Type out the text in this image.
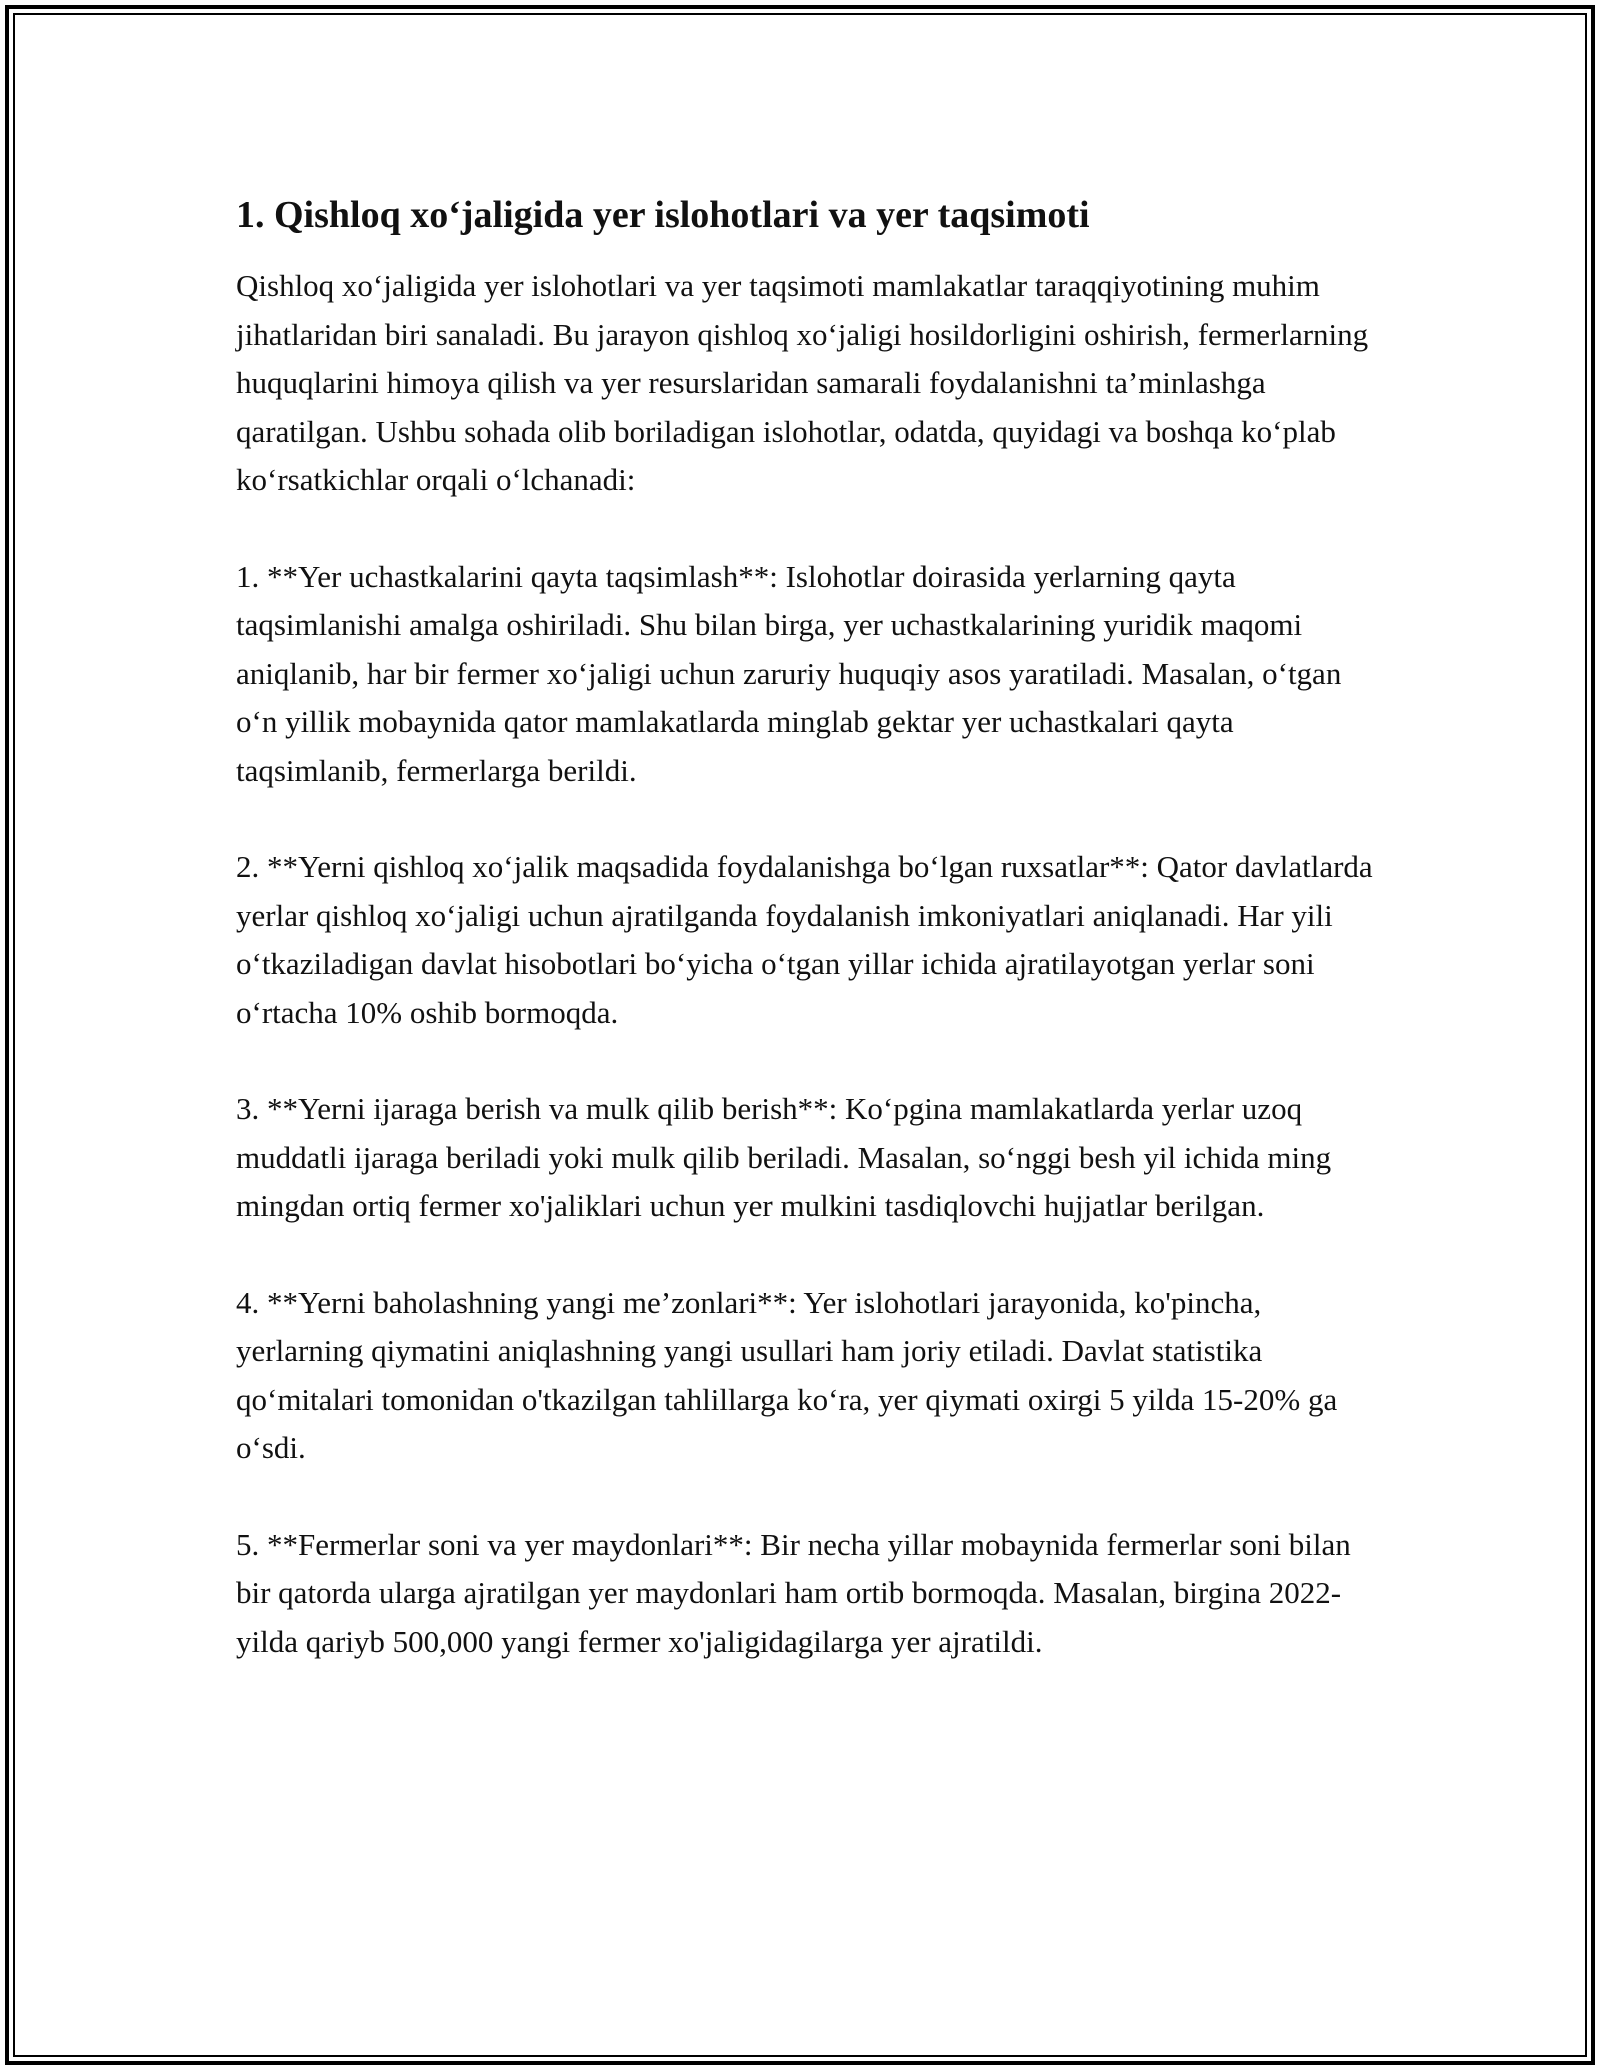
1. Qishloq xo‘jaligida yer islohotlari va yer taqsimoti

Qishloq xo‘jaligida yer islohotlari va yer taqsimoti mamlakatlar taraqqiyotining muhim jihatlaridan biri sanaladi. Bu jarayon qishloq xo‘jaligi hosildorligini oshirish, fermerlarning huquqlarini himoya qilish va yer resurslaridan samarali foydalanishni ta’minlashga qaratilgan. Ushbu sohada olib boriladigan islohotlar, odatda, quyidagi va boshqa ko‘plab ko‘rsatkichlar orqali o‘lchanadi:

1. **Yer uchastkalarini qayta taqsimlash**: Islohotlar doirasida yerlarning qayta taqsimlanishi amalga oshiriladi. Shu bilan birga, yer uchastkalarining yuridik maqomi aniqlanib, har bir fermer xo‘jaligi uchun zaruriy huquqiy asos yaratiladi. Masalan, o‘tgan o‘n yillik mobaynida qator mamlakatlarda minglab gektar yer uchastkalari qayta taqsimlanib, fermerlarga berildi.

2. **Yerni qishloq xo‘jalik maqsadida foydalanishga bo‘lgan ruxsatlar**: Qator davlatlarda yerlar qishloq xo‘jaligi uchun ajratilganda foydalanish imkoniyatlari aniqlanadi. Har yili o‘tkaziladigan davlat hisobotlari bo‘yicha o‘tgan yillar ichida ajratilayotgan yerlar soni o‘rtacha 10% oshib bormoqda.

3. **Yerni ijaraga berish va mulk qilib berish**: Ko‘pgina mamlakatlarda yerlar uzoq muddatli ijaraga beriladi yoki mulk qilib beriladi. Masalan, so‘nggi besh yil ichida ming mingdan ortiq fermer xo'jaliklari uchun yer mulkini tasdiqlovchi hujjatlar berilgan.

4. **Yerni baholashning yangi me’zonlari**: Yer islohotlari jarayonida, ko'pincha, yerlarning qiymatini aniqlashning yangi usullari ham joriy etiladi. Davlat statistika qo‘mitalari tomonidan o'tkazilgan tahlillarga ko‘ra, yer qiymati oxirgi 5 yilda 15-20% ga o‘sdi.

5. **Fermerlar soni va yer maydonlari**: Bir necha yillar mobaynida fermerlar soni bilan bir qatorda ularga ajratilgan yer maydonlari ham ortib bormoqda. Masalan, birgina 2022-yilda qariyb 500,000 yangi fermer xo'jaligidagilarga yer ajratildi.
